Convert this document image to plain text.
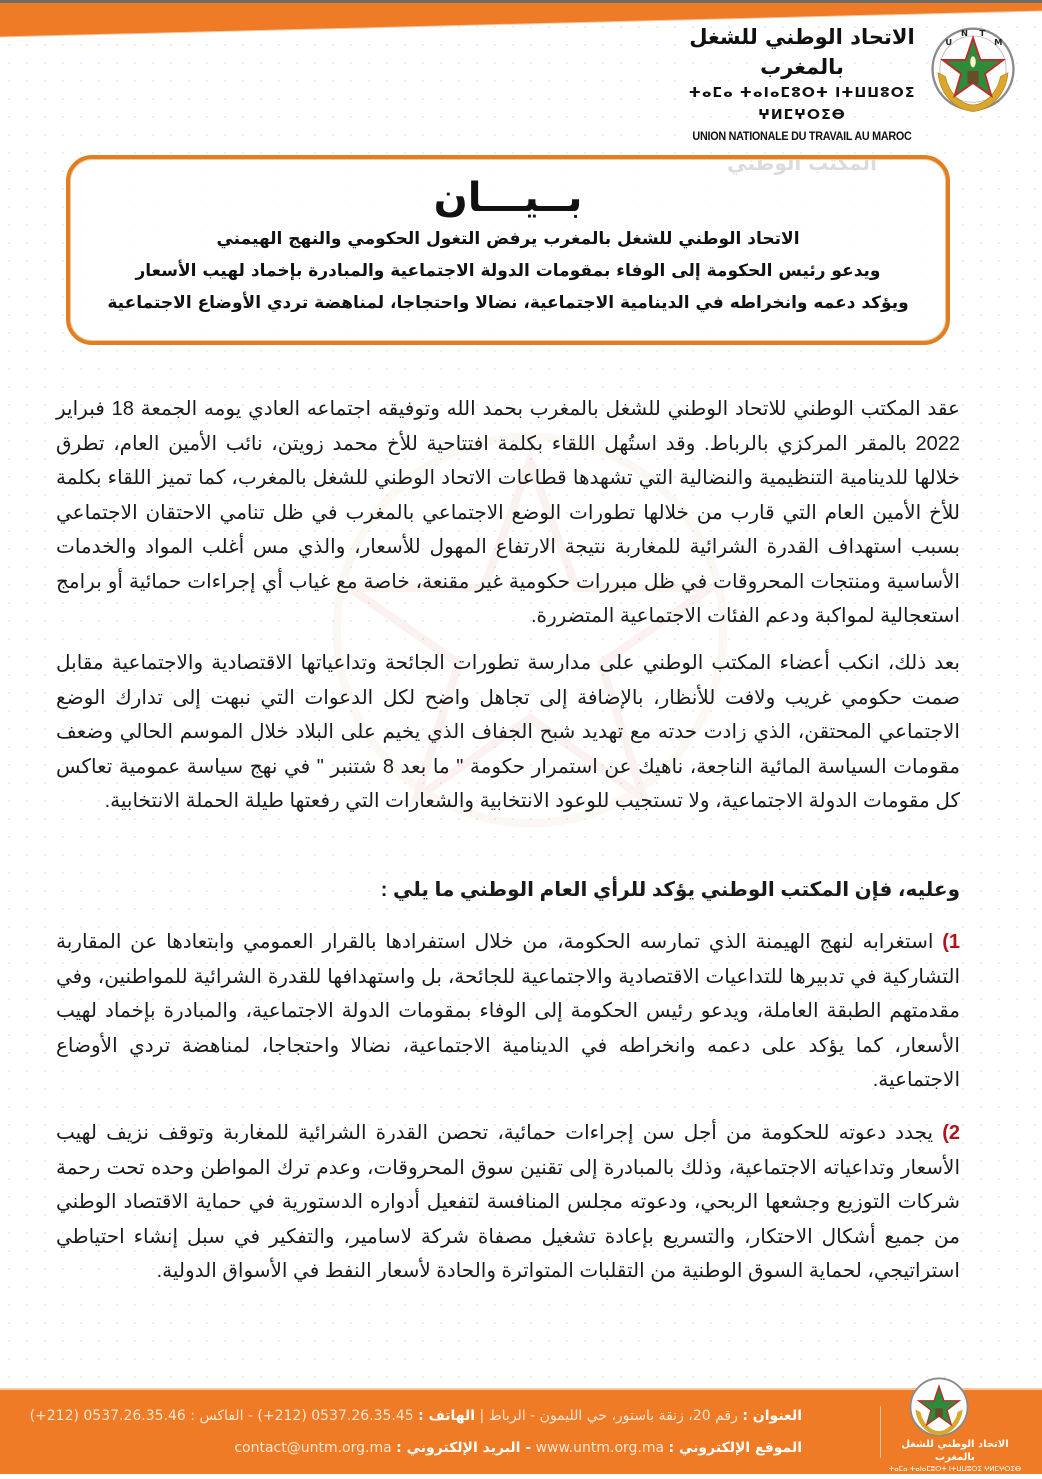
الاتحاد الوطني للشغل بالمغرب
ⵜⴰⵎⴰ ⵜⴰⵏⴰⵎⵓⵔⵜ ⵏⵜⵡⵡⵓⵔⵉ ⵖⵍⵎⵖⵔⵉⴱ
UNION NATIONALE DU TRAVAIL AU MAROC
U
N T
M
بــيـــان
الاتحاد الوطني للشغل بالمغرب يرفض التغول الحكومي والنهج الهيمني
ويدعو رئيس الحكومة إلى الوفاء بمقومات الدولة الاجتماعية والمبادرة بإخماد لهيب الأسعار
ويؤكد دعمه وانخراطه في الدينامية الاجتماعية، نضالا واحتجاجا، لمناهضة تردي الأوضاع الاجتماعية

عقد المكتب الوطني للاتحاد الوطني للشغل بالمغرب بحمد الله وتوفيقه اجتماعه العادي يومه الجمعة 18 فبراير 2022 بالمقر المركزي بالرباط. وقد استُهل اللقاء بكلمة افتتاحية للأخ محمد زويتن، نائب الأمين العام، تطرق خلالها للدينامية التنظيمية والنضالية التي تشهدها قطاعات الاتحاد الوطني للشغل بالمغرب، كما تميز اللقاء بكلمة للأخ الأمين العام التي قارب من خلالها تطورات الوضع الاجتماعي بالمغرب في ظل تنامي الاحتقان الاجتماعي بسبب استهداف القدرة الشرائية للمغاربة نتيجة الارتفاع المهول للأسعار، والذي مس أغلب المواد والخدمات الأساسية ومنتجات المحروقات في ظل مبررات حكومية غير مقنعة، خاصة مع غياب أي إجراءات حمائية أو برامج استعجالية لمواكبة ودعم الفئات الاجتماعية المتضررة.

بعد ذلك، انكب أعضاء المكتب الوطني على مدارسة تطورات الجائحة وتداعياتها الاقتصادية والاجتماعية مقابل صمت حكومي غريب ولافت للأنظار، بالإضافة إلى تجاهل واضح لكل الدعوات التي نبهت إلى تدارك الوضع الاجتماعي المحتقن، الذي زادت حدته مع تهديد شبح الجفاف الذي يخيم على البلاد خلال الموسم الحالي وضعف مقومات السياسة المائية الناجعة، ناهيك عن استمرار حكومة " ما بعد 8 شتنبر " في نهج سياسة عمومية تعاكس كل مقومات الدولة الاجتماعية، ولا تستجيب للوعود الانتخابية والشعارات التي رفعتها طيلة الحملة الانتخابية.

وعليه، فإن المكتب الوطني يؤكد للرأي العام الوطني ما يلي :

1) استغرابه لنهج الهيمنة الذي تمارسه الحكومة، من خلال استفرادها بالقرار العمومي وابتعادها عن المقاربة التشاركية في تدبيرها للتداعيات الاقتصادية والاجتماعية للجائحة، بل واستهدافها للقدرة الشرائية للمواطنين، وفي مقدمتهم الطبقة العاملة، ويدعو رئيس الحكومة إلى الوفاء بمقومات الدولة الاجتماعية، والمبادرة بإخماد لهيب الأسعار، كما يؤكد على دعمه وانخراطه في الدينامية الاجتماعية، نضالا واحتجاجا، لمناهضة تردي الأوضاع الاجتماعية.
2) يجدد دعوته للحكومة من أجل سن إجراءات حمائية، تحصن القدرة الشرائية للمغاربة وتوقف نزيف لهيب الأسعار وتداعياته الاجتماعية، وذلك بالمبادرة إلى تقنين سوق المحروقات، وعدم ترك المواطن وحده تحت رحمة شركات التوزيع وجشعها الربحي، ودعوته مجلس المنافسة لتفعيل أدواره الدستورية في حماية الاقتصاد الوطني من جميع أشكال الاحتكار، والتسريع بإعادة تشغيل مصفاة شركة لاسامير، والتفكير في سبل إنشاء احتياطي استراتيجي، لحماية السوق الوطنية من التقلبات المتواترة والحادة لأسعار النفط في الأسواق الدولية.
العنوان : رقم 20، زنقة باستور، حي الليمون - الرباط | الهاتف : (+212) 0537.26.35.45 - الفاكس : (+212) 0537.26.35.46
الموقع الإلكتروني : www.untm.org.ma - البريد الإلكتروني : contact@untm.org.ma	الاتحاد الوطني للشغل بالمغرب
ⵜⴰⵎⴰ ⵜⴰⵏⴰⵎⵓⵔⵜ ⵏⵜⵡⵡⵓⵔⵉ ⵖⵍⵎⵖⵔⵉⴱ
UNION NATIONALE DU TRAVAIL AU MAROC
